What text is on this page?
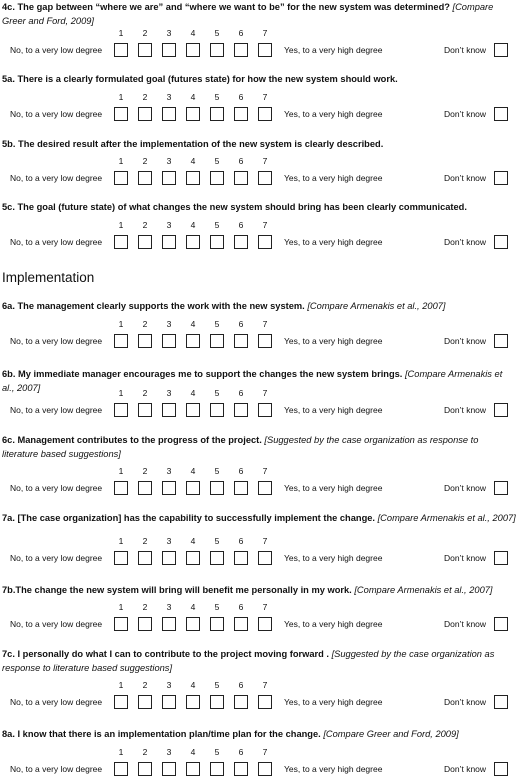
Implementation
4c. The gap between “where we are” and “where we want to be” for the new system was determined? [Compare Greer and Ford, 2009]
No, to a very low degree
1	2	3	4	5	6	7
Yes, to a very high degree	Don’t know
5a. There is a clearly formulated goal (futures state) for how the new system should work.
No, to a very low degree
1	2	3	4	5	6	7
Yes, to a very high degree	Don’t know
5b. The desired result after the implementation of the new system is clearly described.
No, to a very low degree
1	2	3	4	5	6	7
Yes, to a very high degree	Don’t know
5c. The goal (future state) of what changes the new system should bring has been clearly communicated.
No, to a very low degree
1	2	3	4	5	6	7
Yes, to a very high degree	Don’t know
6a. The management clearly supports the work with the new system. [Compare Armenakis et al., 2007]
No, to a very low degree
1	2	3	4	5	6	7
Yes, to a very high degree	Don’t know
6b. My immediate manager encourages me to support the changes the new system brings. [Compare Armenakis et al., 2007]
No, to a very low degree
1	2	3	4	5	6	7
Yes, to a very high degree	Don’t know
6c. Management contributes to the progress of the project. [Suggested by the case organization as response to literature based suggestions]
No, to a very low degree
1	2	3	4	5	6	7
Yes, to a very high degree	Don’t know
7a. [The case organization] has the capability to successfully implement the change. [Compare Armenakis et al., 2007]
No, to a very low degree
1	2	3	4	5	6	7
Yes, to a very high degree	Don’t know
7b.The change the new system will bring will benefit me personally in my work. [Compare Armenakis et al., 2007]
No, to a very low degree
1	2	3	4	5	6	7
Yes, to a very high degree	Don’t know
7c. I personally do what I can to contribute to the project moving forward . [Suggested by the case organization as response to literature based suggestions]
No, to a very low degree
1	2	3	4	5	6	7
Yes, to a very high degree	Don’t know
8a. I know that there is an implementation plan/time plan for the change. [Compare Greer and Ford, 2009]
No, to a very low degree
1	2	3	4	5	6	7
Yes, to a very high degree	Don’t know
